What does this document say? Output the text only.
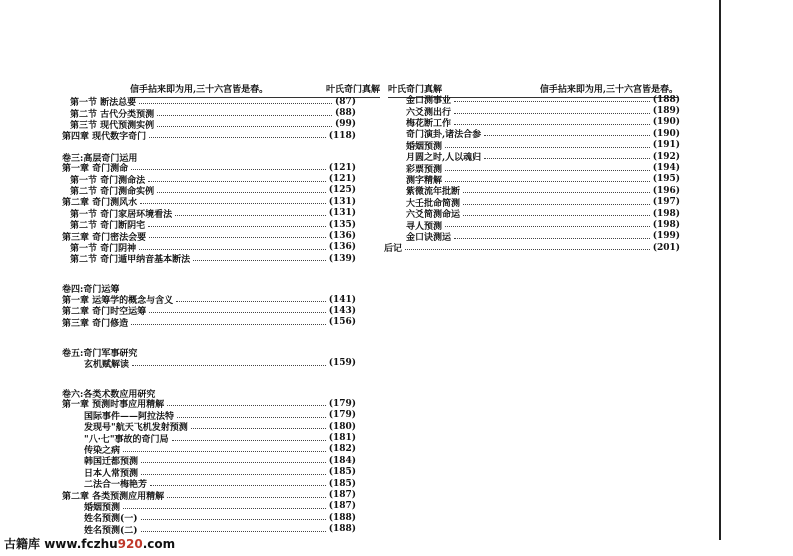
信手拈来即为用,三十六宫皆是春。	叶氏奇门真解 叶氏奇门真解	信手拈来即为用,三十六宫皆是春。
第一节 断法总要	(87)
第二节 古代分类预测	(88)
第三节 现代预测实例	(99)
第四章 现代数字奇门	(118)
卷三:高层奇门运用
第一章 奇门测命	(121)
第一节 奇门测命法	(121)
第二节 奇门测命实例	(125)
第二章 奇门测风水	(131)
第一节 奇门家居环境看法	(131)
第二节 奇门断阴宅	(135)
第三章 奇门密法会要	(136)
第一节 奇门阴神	(136)
第二节 奇门遁甲纳音基本断法	(139)
卷四:奇门运筹
第一章 运筹学的概念与含义	(141)
第二章 奇门时空运筹	(143)
第三章 奇门修造	(156)
卷五:奇门军事研究
玄机赋解读	(159)
卷六:各类术数应用研究
第一章 预测时事应用精解	(179)
国际事件——阿拉法特	(179)
发现号"航天飞机发射预测	(180)
"八·七"事故的奇门局	(181)
传染之病	(182)
韩国迁都预测	(184)
日本人常预测	(185)
二法合一梅艳芳	(185)
第二章 各类预测应用精解	(187)
婚姻预测	(187)
姓名预测(一)	(188)
姓名预测(二)	(188)
金口测事业	(188)
六爻测出行	(189)
梅花断工作	(190)
奇门演卦,诸法合参	(190)
婚姻预测	(191)
月圆之时,人以魂归	(192)
彩票预测	(194)
测字精解	(195)
紫微流年批断	(196)
大壬批命简测	(197)
六爻简测命运	(198)
寻人预测	(198)
金口诀测运	(199)
后记	(201)
古籍库 www.fczhu920.com
